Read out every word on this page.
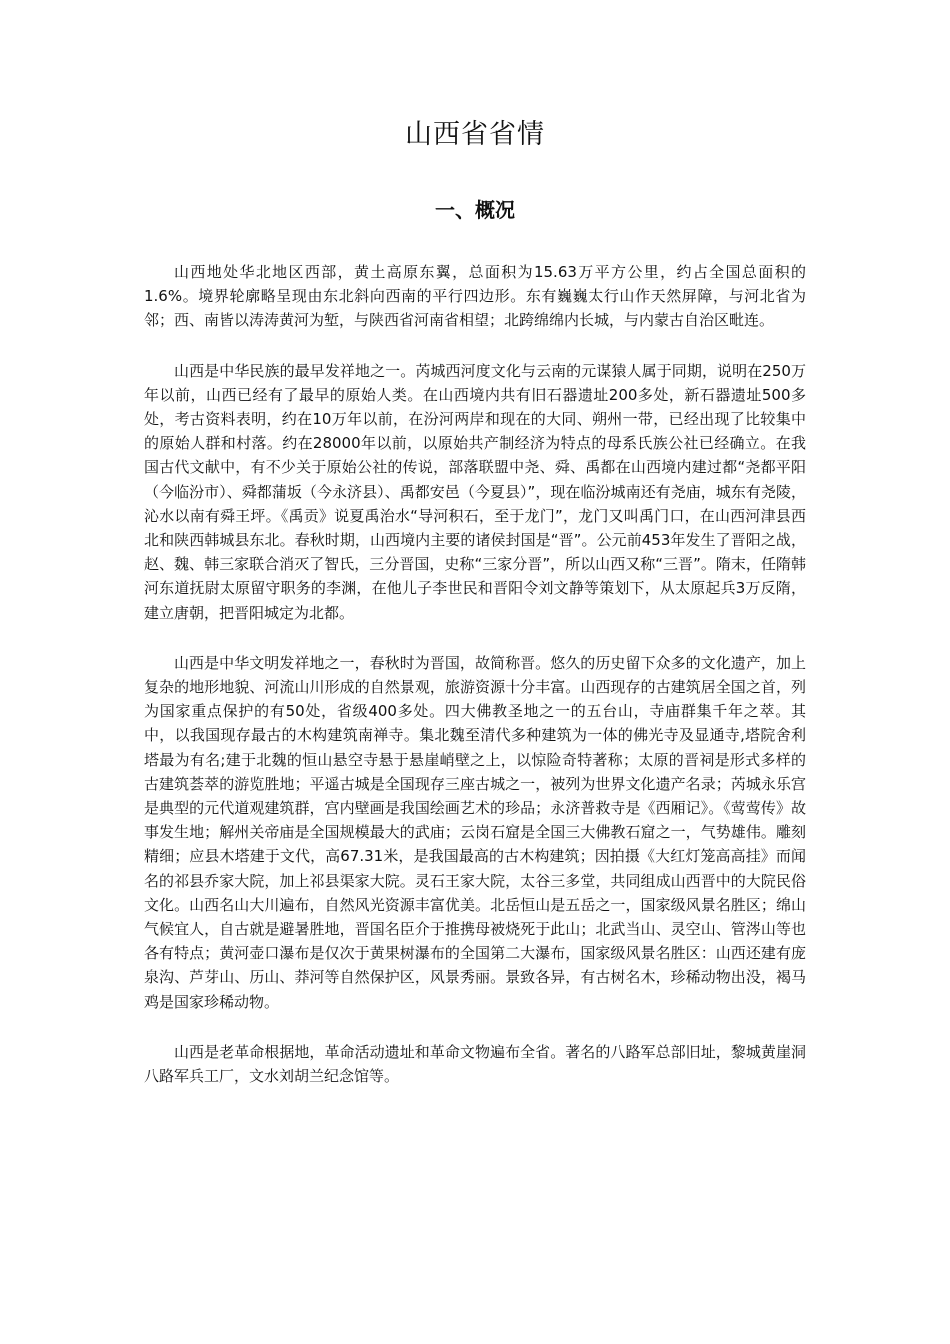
山西省省情
一、概况

山西地处华北地区西部，黄土高原东翼，总面积为15.63万平方公里，约占全国总面积的1.6%。境界轮廓略呈现由东北斜向西南的平行四边形。东有巍巍太行山作天然屏障，与河北省为邻；西、南皆以涛涛黄河为堑，与陕西省河南省相望；北跨绵绵内长城，与内蒙古自治区毗连。

山西是中华民族的最早发祥地之一。芮城西河度文化与云南的元谋猿人属于同期，说明在250万年以前，山西已经有了最早的原始人类。在山西境内共有旧石器遗址200多处，新石器遗址500多处，考古资料表明，约在10万年以前，在汾河两岸和现在的大同、朔州一带，已经出现了比较集中的原始人群和村落。约在28000年以前，以原始共产制经济为特点的母系氏族公社已经确立。在我国古代文献中，有不少关于原始公社的传说，部落联盟中尧、舜、禹都在山西境内建过都“尧都平阳（今临汾市）、舜都蒲坂（今永济县）、禹都安邑（今夏县）”，现在临汾城南还有尧庙，城东有尧陵，沁水以南有舜王坪。《禹贡》说夏禹治水“导河积石，至于龙门”，龙门又叫禹门口，在山西河津县西北和陕西韩城县东北。春秋时期，山西境内主要的诸侯封国是“晋”。公元前453年发生了晋阳之战，赵、魏、韩三家联合消灭了智氏，三分晋国，史称“三家分晋”，所以山西又称“三晋”。隋末，任隋韩河东道抚尉太原留守职务的李渊，在他儿子李世民和晋阳令刘文静等策划下，从太原起兵3万反隋，建立唐朝，把晋阳城定为北都。

山西是中华文明发祥地之一，春秋时为晋国，故简称晋。悠久的历史留下众多的文化遗产，加上复杂的地形地貌、河流山川形成的自然景观，旅游资源十分丰富。山西现存的古建筑居全国之首，列为国家重点保护的有50处，省级400多处。四大佛教圣地之一的五台山，寺庙群集千年之萃。其中，以我国现存最古的木构建筑南禅寺。集北魏至清代多种建筑为一体的佛光寺及显通寺,塔院舍利塔最为有名;建于北魏的恒山悬空寺悬于悬崖峭壁之上，以惊险奇特著称；太原的晋祠是形式多样的古建筑荟萃的游览胜地；平遥古城是全国现存三座古城之一，被列为世界文化遗产名录；芮城永乐宫是典型的元代道观建筑群，宫内壁画是我国绘画艺术的珍品；永济普救寺是《西厢记》。《莺莺传》故事发生地；解州关帝庙是全国规模最大的武庙；云岗石窟是全国三大佛教石窟之一，气势雄伟。雕刻精细；应县木塔建于文代，高67.31米，是我国最高的古木构建筑；因拍摄《大红灯笼高高挂》而闻名的祁县乔家大院，加上祁县渠家大院。灵石王家大院，太谷三多堂，共同组成山西晋中的大院民俗文化。山西名山大川遍布，自然风光资源丰富优美。北岳恒山是五岳之一，国家级风景名胜区；绵山气候宜人，自古就是避暑胜地，晋国名臣介于推携母被烧死于此山；北武当山、灵空山、管涔山等也各有特点；黄河壶口瀑布是仅次于黄果树瀑布的全国第二大瀑布，国家级风景名胜区：山西还建有庞泉沟、芦芽山、历山、莽河等自然保护区，风景秀丽。景致各异，有古树名木，珍稀动物出没，褐马鸡是国家珍稀动物。

山西是老革命根据地，革命活动遗址和革命文物遍布全省。著名的八路军总部旧址，黎城黄崖洞八路军兵工厂，文水刘胡兰纪念馆等。
